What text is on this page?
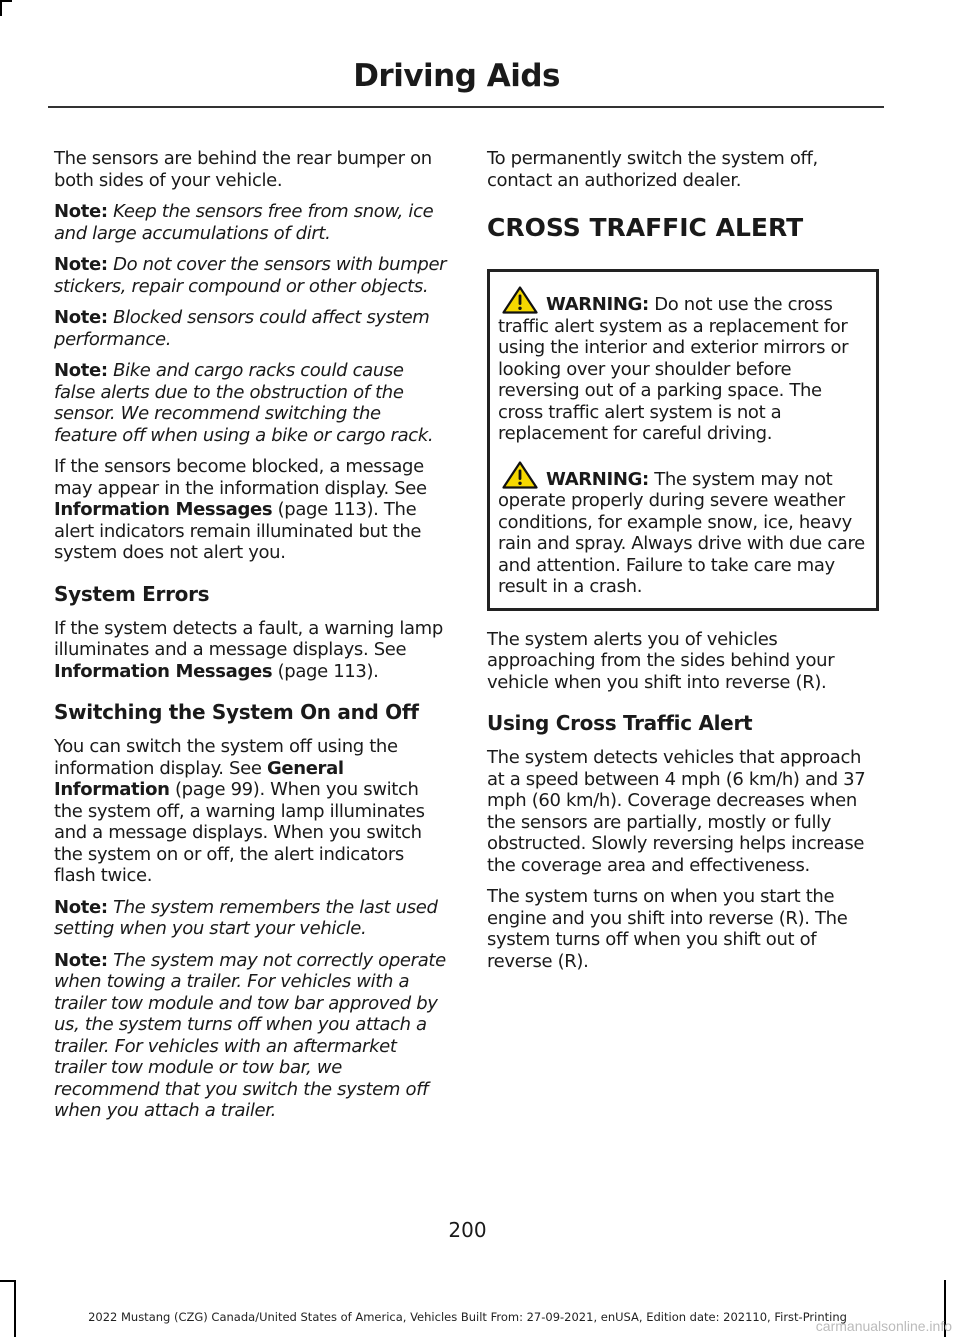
Driving Aids

The sensors are behind the rear bumper on both sides of your vehicle.

Note: Keep the sensors free from snow, ice and large accumulations of dirt.

Note: Do not cover the sensors with bumper stickers, repair compound or other objects.

Note: Blocked sensors could affect system performance.

Note: Bike and cargo racks could cause false alerts due to the obstruction of the sensor. We recommend switching the feature off when using a bike or cargo rack.

If the sensors become blocked, a message may appear in the information display. See Information Messages (page 113). The alert indicators remain illuminated but the system does not alert you.

System Errors

If the system detects a fault, a warning lamp illuminates and a message displays. See Information Messages (page 113).

Switching the System On and Off

You can switch the system off using the information display. See General Information (page 99). When you switch the system off, a warning lamp illuminates and a message displays. When you switch the system on or off, the alert indicators flash twice.

Note: The system remembers the last used setting when you start your vehicle.

Note: The system may not correctly operate when towing a trailer. For vehicles with a trailer tow module and tow bar approved by us, the system turns off when you attach a trailer. For vehicles with an aftermarket trailer tow module or tow bar, we recommend that you switch the system off when you attach a trailer.

To permanently switch the system off, contact an authorized dealer.

CROSS TRAFFIC ALERT

WARNING: Do not use the cross traffic alert system as a replacement for using the interior and exterior mirrors or looking over your shoulder before reversing out of a parking space. The cross traffic alert system is not a replacement for careful driving.

WARNING: The system may not operate properly during severe weather conditions, for example snow, ice, heavy rain and spray. Always drive with due care and attention. Failure to take care may result in a crash.

The system alerts you of vehicles approaching from the sides behind your vehicle when you shift into reverse (R).

Using Cross Traffic Alert

The system detects vehicles that approach at a speed between 4 mph (6 km/h) and 37 mph (60 km/h). Coverage decreases when the sensors are partially, mostly or fully obstructed. Slowly reversing helps increase the coverage area and effectiveness.

The system turns on when you start the engine and you shift into reverse (R). The system turns off when you shift out of reverse (R).

200
2022 Mustang (CZG) Canada/United States of America, Vehicles Built From: 27-09-2021, enUSA, Edition date: 202110, First-Printing
carmanualsonline.info
